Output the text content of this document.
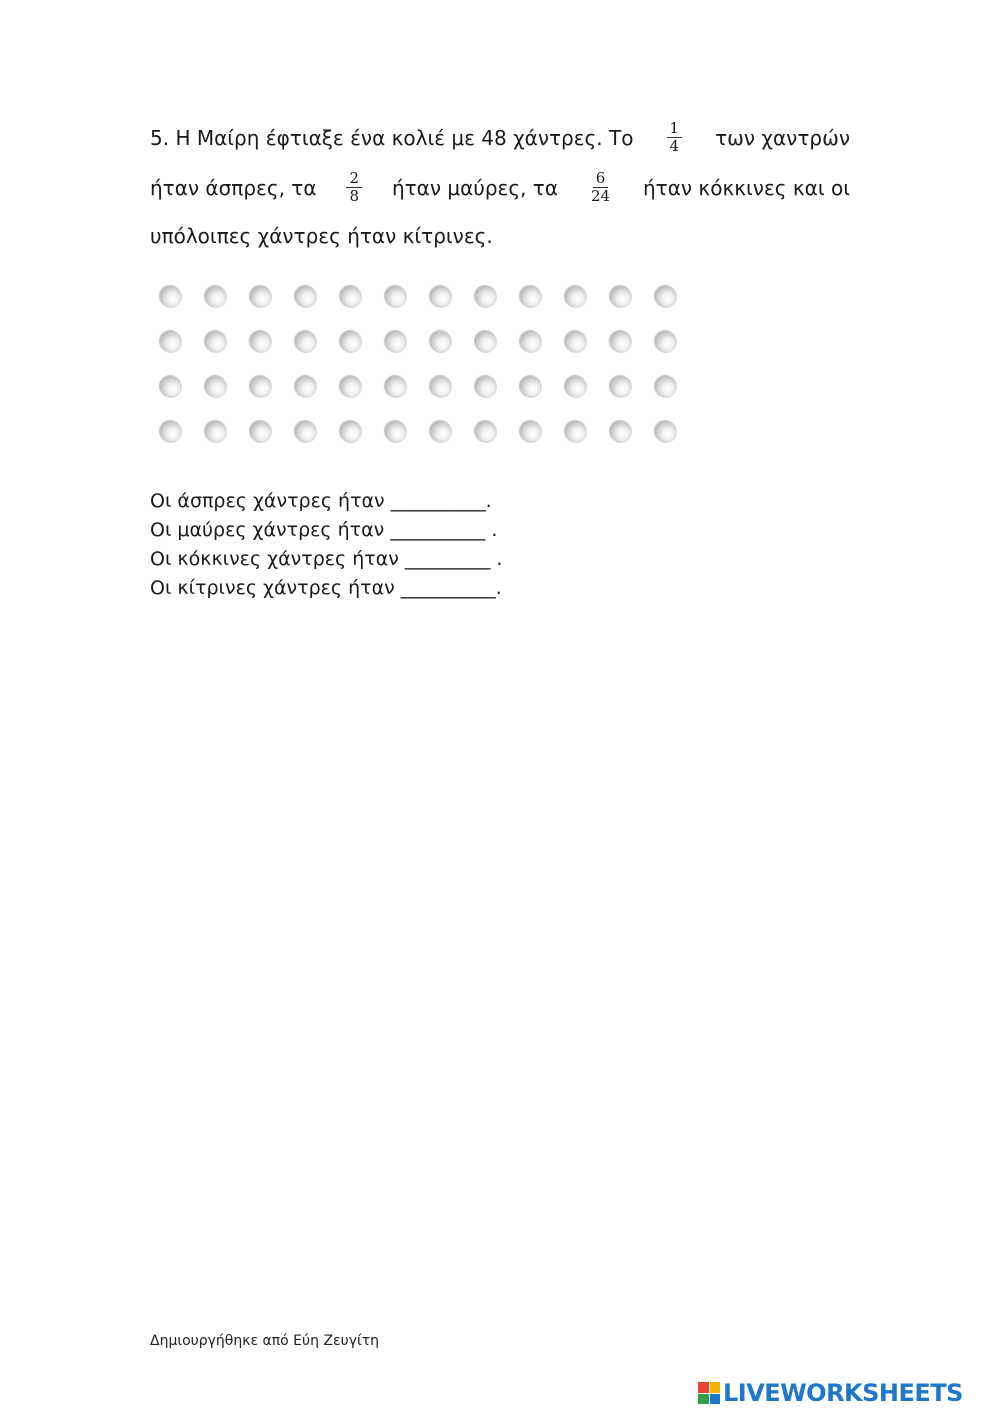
5. Η Μαίρη έφτιαξε ένα κολιέ με 48 χάντρες. Το $\frac{1}{4}$ των χαντρών
ήταν άσπρες, τα $\frac{2}{8}$ ήταν μαύρες, τα $\frac{6}{24}$ ήταν κόκκινες και οι
υπόλοιπες χάντρες ήταν κίτρινες.
Οι άσπρες χάντρες ήταν __________.
Οι μαύρες χάντρες ήταν __________ .
Οι κόκκινες χάντρες ήταν _________ .
Οι κίτρινες χάντρες ήταν __________.
Δημιουργήθηκε από Εύη Ζευγίτη
LIVEWORKSHEETS
